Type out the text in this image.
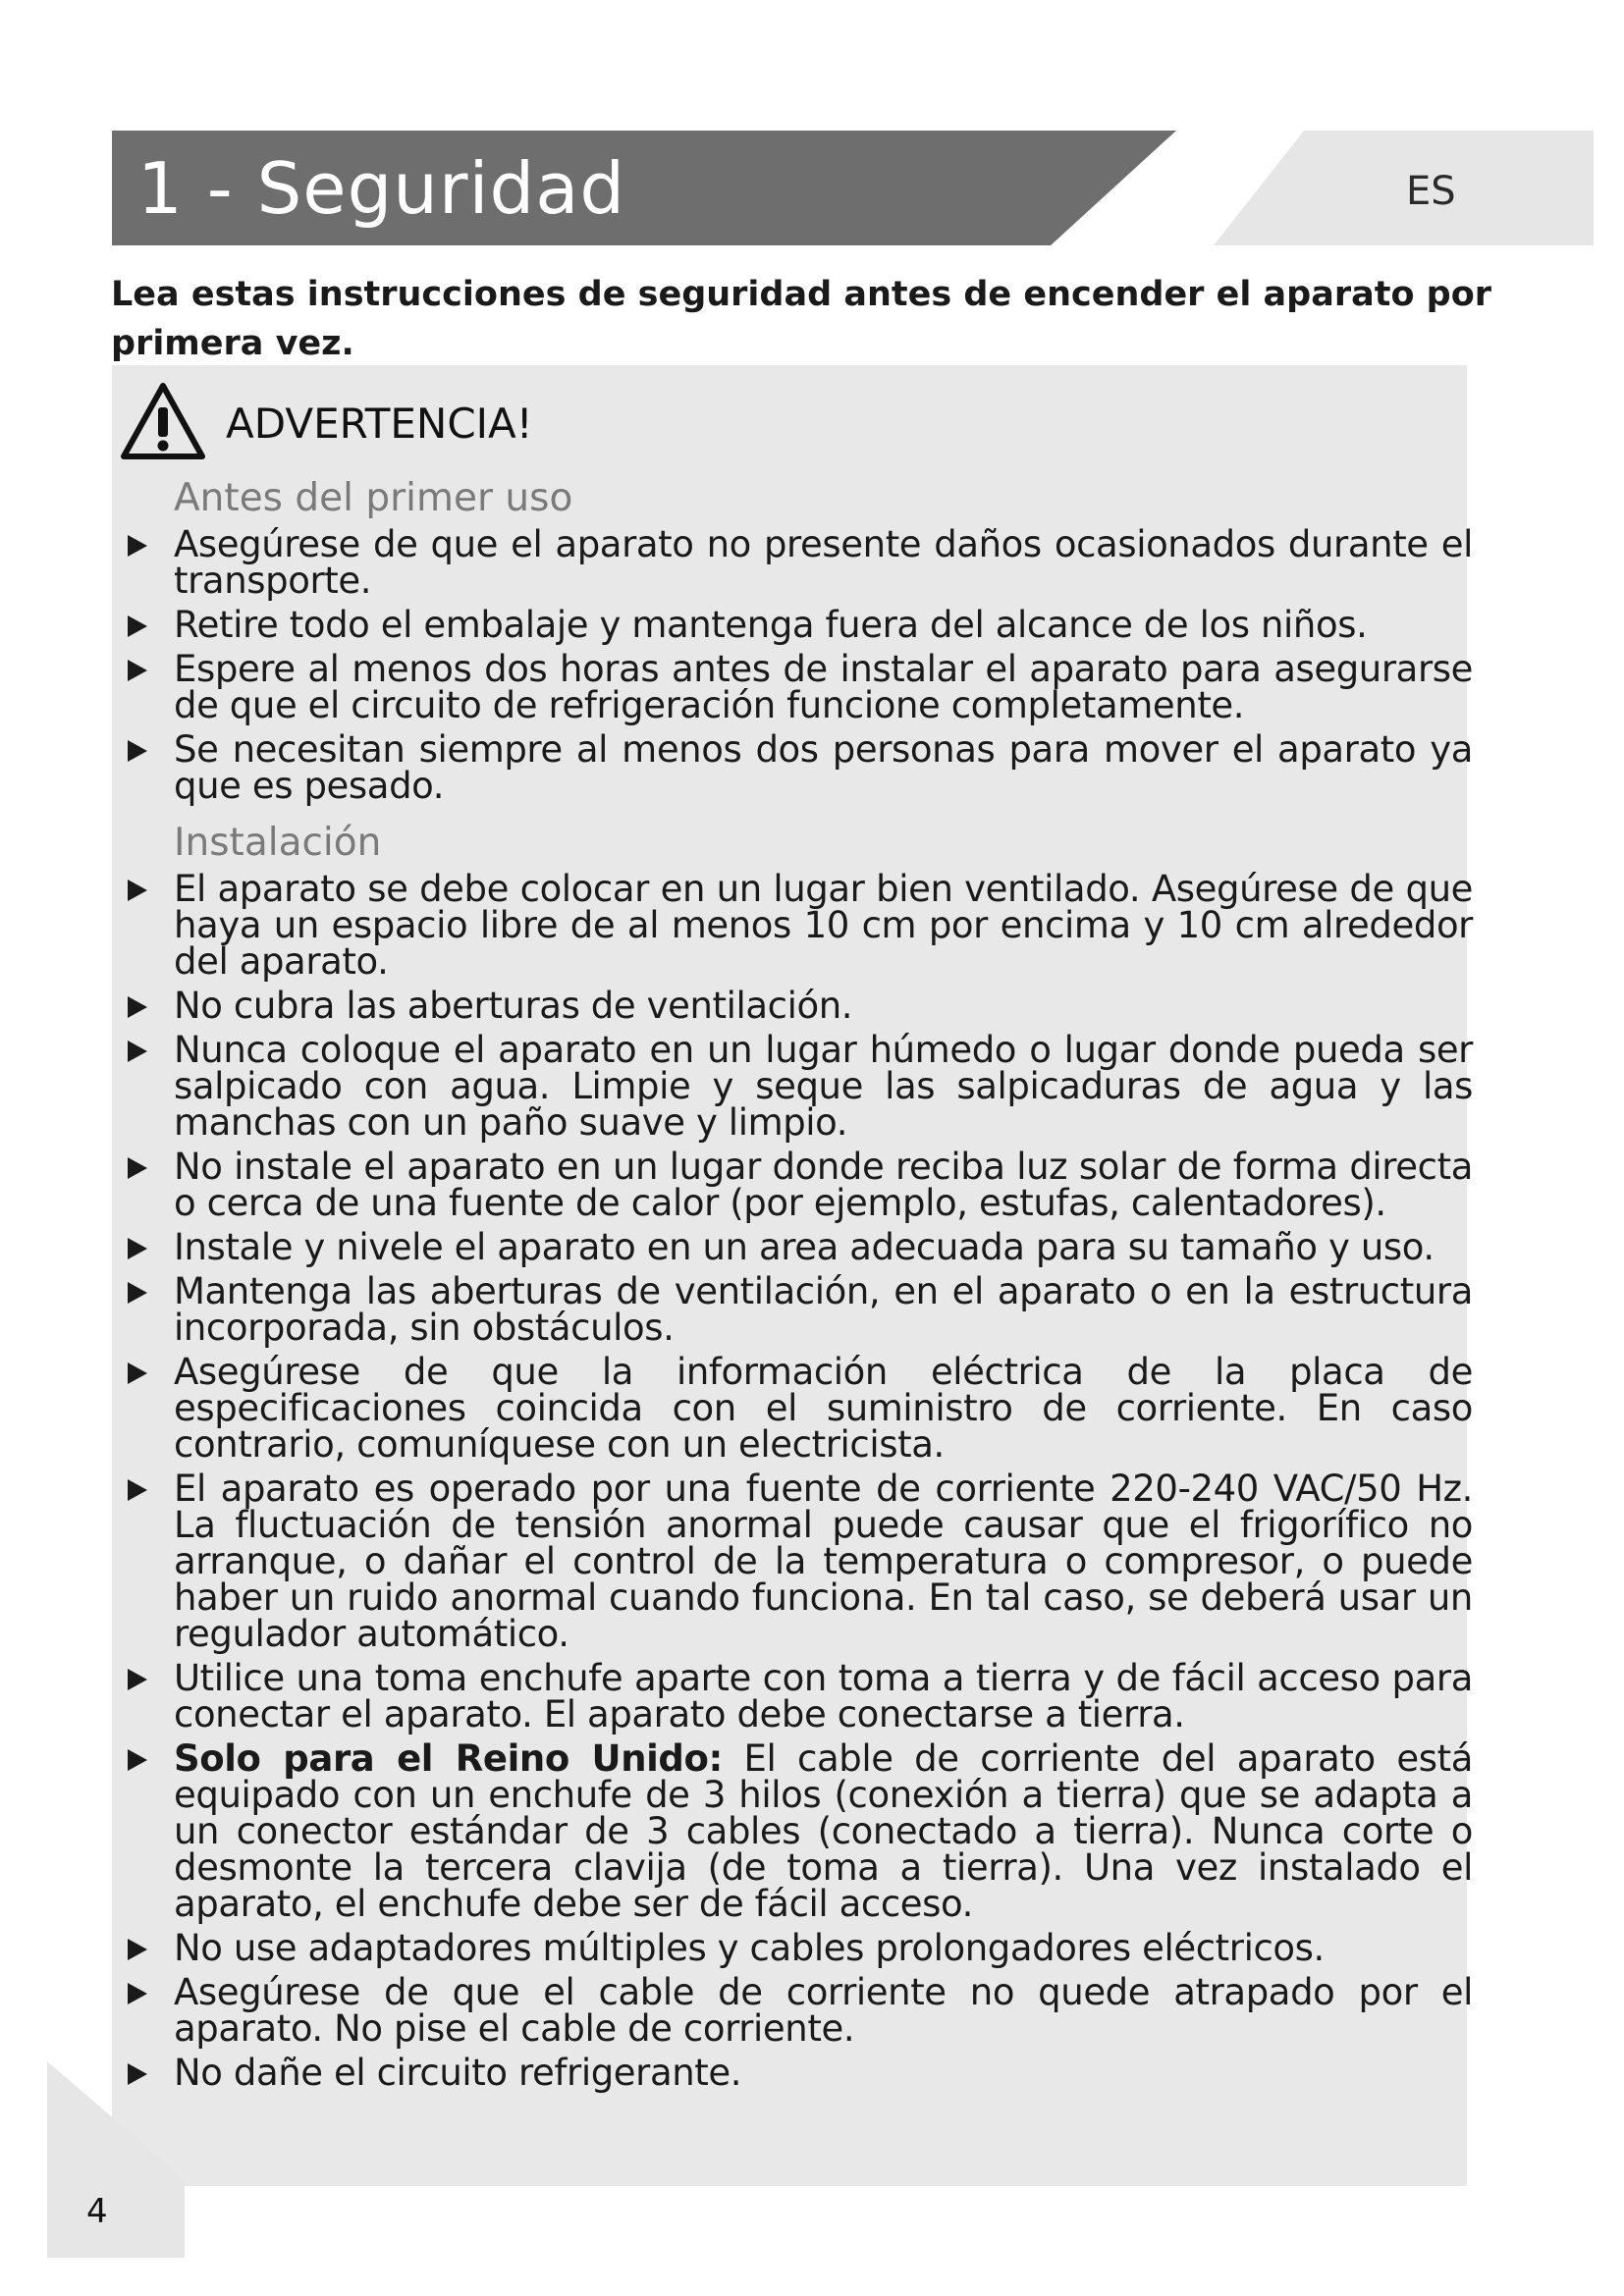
1 - Seguridad	ES
Lea estas instrucciones de seguridad antes de encender el aparato por primera vez.
ADVERTENCIA!
Antes del primer uso
Asegúrese de que el aparato no presente daños ocasionados durante el transporte.
Retire todo el embalaje y mantenga fuera del alcance de los niños.
Espere al menos dos horas antes de instalar el aparato para asegurarse de que el circuito de refrigeración funcione completamente.
Se necesitan siempre al menos dos personas para mover el aparato ya que es pesado.
Instalación
El aparato se debe colocar en un lugar bien ventilado. Asegúrese de que haya un espacio libre de al menos 10 cm por encima y 10 cm alrededor del aparato.
No cubra las aberturas de ventilación.
Nunca coloque el aparato en un lugar húmedo o lugar donde pueda ser salpicado con agua. Limpie y seque las salpicaduras de agua y las manchas con un paño suave y limpio.
No instale el aparato en un lugar donde reciba luz solar de forma directa o cerca de una fuente de calor (por ejemplo, estufas, calentadores).
Instale y nivele el aparato en un area adecuada para su tamaño y uso.
Mantenga las aberturas de ventilación, en el aparato o en la estructura incorporada, sin obstáculos.
Asegúrese de que la información eléctrica de la placa de especificaciones coincida con el suministro de corriente. En caso contrario, comuníquese con un electricista.
El aparato es operado por una fuente de corriente 220-240 VAC/50 Hz. La fluctuación de tensión anormal puede causar que el frigorífico no arranque, o dañar el control de la temperatura o compresor, o puede haber un ruido anormal cuando funciona. En tal caso, se deberá usar un regulador automático.
Utilice una toma enchufe aparte con toma a tierra y de fácil acceso para conectar el aparato. El aparato debe conectarse a tierra.
Solo para el Reino Unido: El cable de corriente del aparato está equipado con un enchufe de 3 hilos (conexión a tierra) que se adapta a un conector estándar de 3 cables (conectado a tierra). Nunca corte o desmonte la tercera clavija (de toma a tierra). Una vez instalado el aparato, el enchufe debe ser de fácil acceso.
No use adaptadores múltiples y cables prolongadores eléctricos.
Asegúrese de que el cable de corriente no quede atrapado por el aparato. No pise el cable de corriente.
No dañe el circuito refrigerante.
4
